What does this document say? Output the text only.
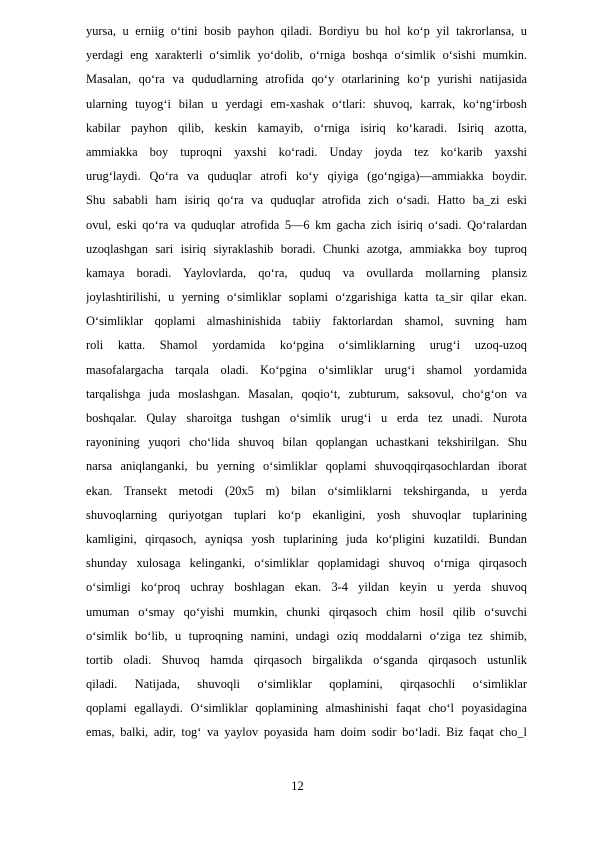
yursa, u erniig o‘tini bosib payhon qiladi. Bordiyu bu hol ko‘p yil takrorlansa, u
yerdagi eng xarakterli o‘simlik yo‘dolib, o‘rniga boshqa o‘simlik o‘sishi mumkin.
Masalan, qo‘ra va qududlarning atrofida qo‘y otarlarining ko‘p yurishi natijasida
ularning tuyog‘i bilan u yerdagi em-xashak o‘tlari: shuvoq, karrak, ko‘ng‘irbosh
kabilar payhon qilib, keskin kamayib, o‘rniga isiriq ko‘karadi. Isiriq azotta,
ammiakka boy tuproqni yaxshi ko‘radi. Unday joyda tez ko‘karib yaxshi
urug‘laydi. Qo‘ra va quduqlar atrofi ko‘y qiyiga (go‘ngiga)—ammiakka boydir.
Shu sababli ham isiriq qo‘ra va quduqlar atrofida zich o‘sadi. Hatto ba_zi eski
ovul, eski qo‘ra va quduqlar atrofida 5—6 km gacha zich isiriq o‘sadi. Qo‘ralardan
uzoqlashgan sari isiriq siyraklashib boradi. Chunki azotga, ammiakka boy tuproq
kamaya boradi. Yaylovlarda, qo‘ra, quduq va ovullarda mollarning plansiz
joylashtirilishi, u yerning o‘simliklar soplami o‘zgarishiga katta ta_sir qilar ekan.
O‘simliklar qoplami almashinishida tabiiy faktorlardan shamol, suvning ham
roli katta. Shamol yordamida ko‘pgina o‘simliklarning urug‘i uzoq-uzoq
masofalargacha tarqala oladi. Ko‘pgina o‘simliklar urug‘i shamol yordamida
tarqalishga juda moslashgan. Masalan, qoqio‘t, zubturum, saksovul, cho‘g‘on va
boshqalar. Qulay sharoitga tushgan o‘simlik urug‘i u erda tez unadi. Nurota
rayonining yuqori cho‘lida shuvoq bilan qoplangan uchastkani tekshirilgan. Shu
narsa aniqlanganki, bu yerning o‘simliklar qoplami shuvoqqirqasochlardan iborat
ekan. Transekt metodi (20x5 m) bilan o‘simliklarni tekshirganda, u yerda
shuvoqlarning quriyotgan tuplari ko‘p ekanligini, yosh shuvoqlar tuplarining
kamligini, qirqasoch, ayniqsa yosh tuplarining juda ko‘pligini kuzatildi. Bundan
shunday xulosaga kelinganki, o‘simliklar qoplamidagi shuvoq o‘rniga qirqasoch
o‘simligi ko‘proq uchray boshlagan ekan. 3-4 yildan keyin u yerda shuvoq
umuman o‘smay qo‘yishi mumkin, chunki qirqasoch chim hosil qilib o‘suvchi
o‘simlik bo‘lib, u tuproqning namini, undagi oziq moddalarni o‘ziga tez shimib,
tortib oladi. Shuvoq hamda qirqasoch birgalikda o‘sganda qirqasoch ustunlik
qiladi. Natijada, shuvoqli o‘simliklar qoplamini, qirqasochli o‘simliklar
qoplami egallaydi. O‘simliklar qoplamining almashinishi faqat cho‘l poyasidagina
emas, balki, adir, tog‘ va yaylov poyasida ham doim sodir bo‘ladi. Biz faqat cho_l
12
